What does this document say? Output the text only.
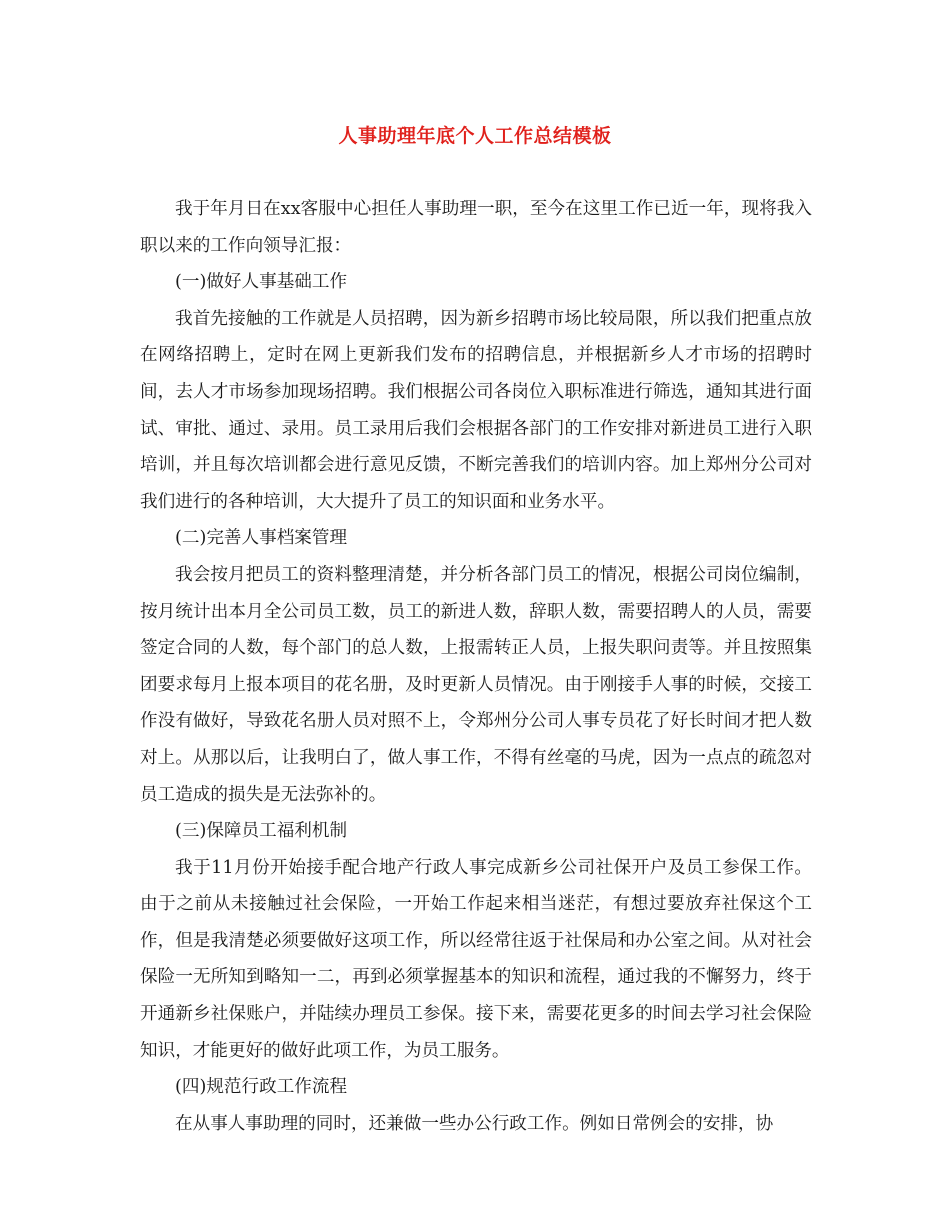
人事助理年底个人工作总结模板

我于年月日在xx客服中心担任人事助理一职，至今在这里工作已近一年，现将我入职以来的工作向领导汇报：

(一)做好人事基础工作

我首先接触的工作就是人员招聘，因为新乡招聘市场比较局限，所以我们把重点放在网络招聘上，定时在网上更新我们发布的招聘信息，并根据新乡人才市场的招聘时间，去人才市场参加现场招聘。我们根据公司各岗位入职标准进行筛选，通知其进行面试、审批、通过、录用。员工录用后我们会根据各部门的工作安排对新进员工进行入职培训，并且每次培训都会进行意见反馈，不断完善我们的培训内容。加上郑州分公司对我们进行的各种培训，大大提升了员工的知识面和业务水平。

(二)完善人事档案管理

我会按月把员工的资料整理清楚，并分析各部门员工的情况，根据公司岗位编制，按月统计出本月全公司员工数，员工的新进人数，辞职人数，需要招聘人的人员，需要签定合同的人数，每个部门的总人数，上报需转正人员，上报失职问责等。并且按照集团要求每月上报本项目的花名册，及时更新人员情况。由于刚接手人事的时候，交接工作没有做好，导致花名册人员对照不上，令郑州分公司人事专员花了好长时间才把人数对上。从那以后，让我明白了，做人事工作，不得有丝毫的马虎，因为一点点的疏忽对员工造成的损失是无法弥补的。

(三)保障员工福利机制

我于11月份开始接手配合地产行政人事完成新乡公司社保开户及员工参保工作。由于之前从未接触过社会保险，一开始工作起来相当迷茫，有想过要放弃社保这个工作，但是我清楚必须要做好这项工作，所以经常往返于社保局和办公室之间。从对社会保险一无所知到略知一二，再到必须掌握基本的知识和流程，通过我的不懈努力，终于开通新乡社保账户，并陆续办理员工参保。接下来，需要花更多的时间去学习社会保险知识，才能更好的做好此项工作，为员工服务。

(四)规范行政工作流程

在从事人事助理的同时，还兼做一些办公行政工作。例如日常例会的安排，协
